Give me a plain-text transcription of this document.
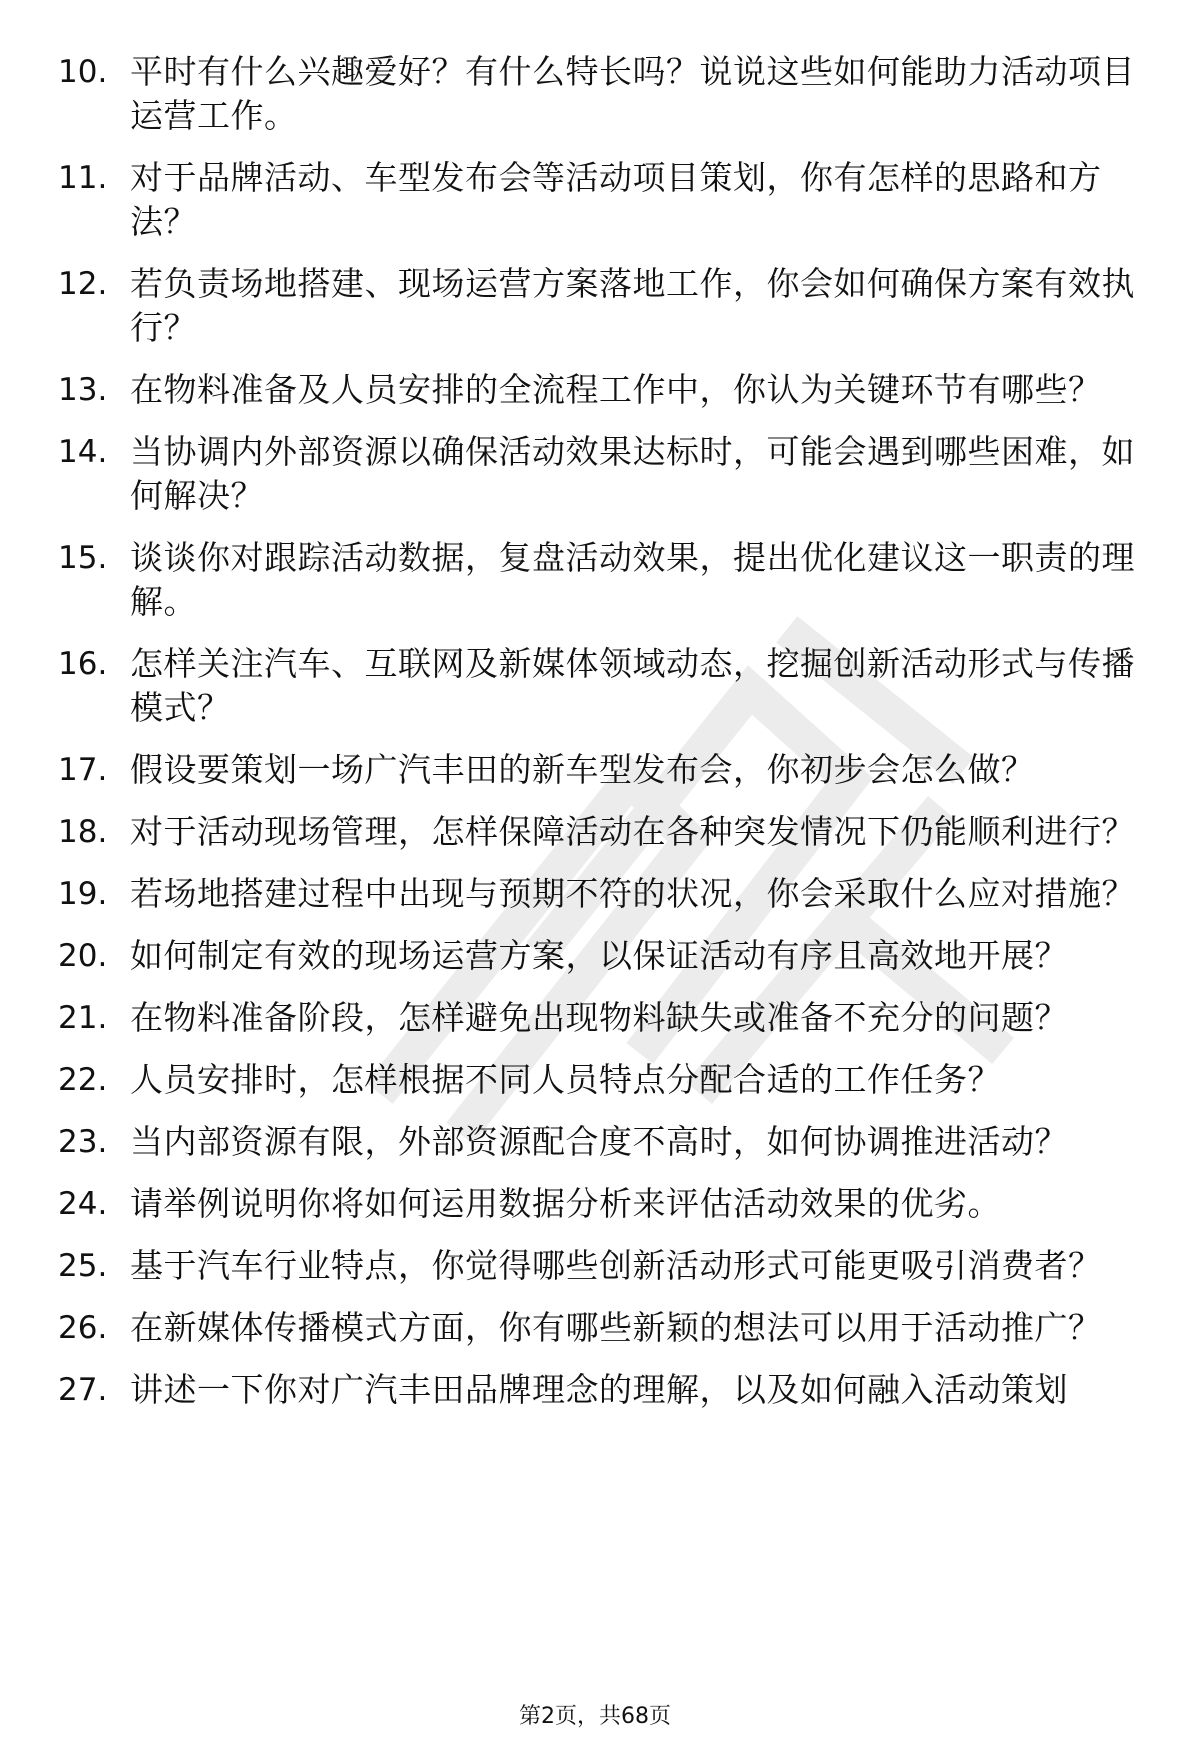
10. 平时有什么兴趣爱好？有什么特长吗？说说这些如何能助力活动项目运营工作。
11. 对于品牌活动、车型发布会等活动项目策划，你有怎样的思路和方法？
12. 若负责场地搭建、现场运营方案落地工作，你会如何确保方案有效执行？
13. 在物料准备及人员安排的全流程工作中，你认为关键环节有哪些？
14. 当协调内外部资源以确保活动效果达标时，可能会遇到哪些困难，如何解决？
15. 谈谈你对跟踪活动数据，复盘活动效果，提出优化建议这一职责的理解。
16. 怎样关注汽车、互联网及新媒体领域动态，挖掘创新活动形式与传播模式？
17. 假设要策划一场广汽丰田的新车型发布会，你初步会怎么做？
18. 对于活动现场管理，怎样保障活动在各种突发情况下仍能顺利进行？
19. 若场地搭建过程中出现与预期不符的状况，你会采取什么应对措施？
20. 如何制定有效的现场运营方案，以保证活动有序且高效地开展？
21. 在物料准备阶段，怎样避免出现物料缺失或准备不充分的问题？
22. 人员安排时，怎样根据不同人员特点分配合适的工作任务？
23. 当内部资源有限，外部资源配合度不高时，如何协调推进活动？
24. 请举例说明你将如何运用数据分析来评估活动效果的优劣。
25. 基于汽车行业特点，你觉得哪些创新活动形式可能更吸引消费者？
26. 在新媒体传播模式方面，你有哪些新颖的想法可以用于活动推广？
27. 讲述一下你对广汽丰田品牌理念的理解，以及如何融入活动策划
第2页，共68页
